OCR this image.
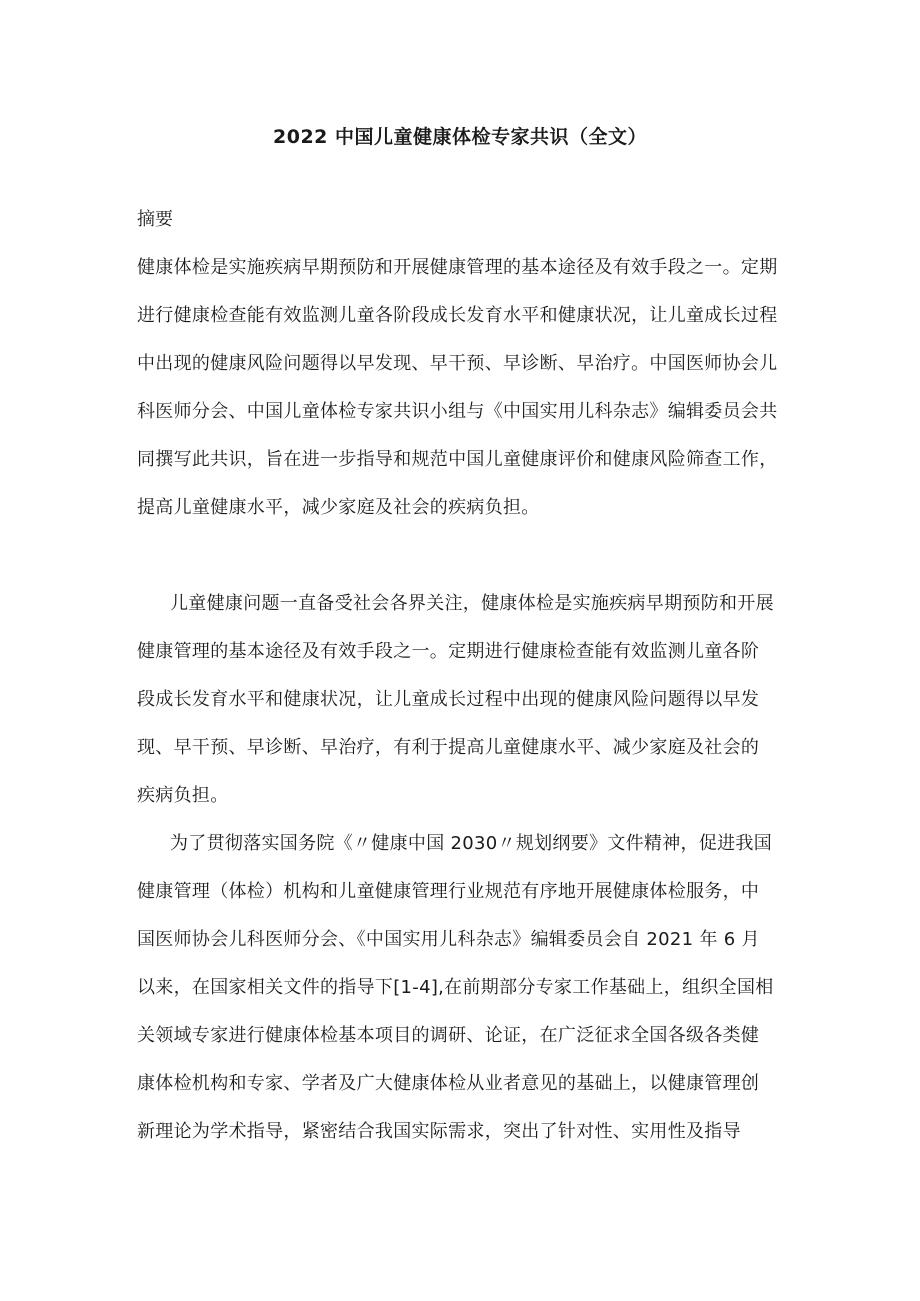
2022 中国儿童健康体检专家共识（全文）
摘要
健康体检是实施疾病早期预防和开展健康管理的基本途径及有效手段之一。定期
进行健康检查能有效监测儿童各阶段成长发育水平和健康状况，让儿童成长过程
中出现的健康风险问题得以早发现、早干预、早诊断、早治疗。中国医师协会儿
科医师分会、中国儿童体检专家共识小组与《中国实用儿科杂志》编辑委员会共
同撰写此共识，旨在进一步指导和规范中国儿童健康评价和健康风险筛查工作，
提高儿童健康水平，减少家庭及社会的疾病负担。
儿童健康问题一直备受社会各界关注，健康体检是实施疾病早期预防和开展
健康管理的基本途径及有效手段之一。定期进行健康检查能有效监测儿童各阶
段成长发育水平和健康状况，让儿童成长过程中出现的健康风险问题得以早发
现、早干预、早诊断、早治疗，有利于提高儿童健康水平、减少家庭及社会的
疾病负担。
为了贯彻落实国务院《〃健康中国 2030〃规划纲要》文件精神，促进我国
健康管理（体检）机构和儿童健康管理行业规范有序地开展健康体检服务，中
国医师协会儿科医师分会、《中国实用儿科杂志》编辑委员会自 2021 年 6 月
以来，在国家相关文件的指导下[1-4],在前期部分专家工作基础上，组织全国相
关领域专家进行健康体检基本项目的调研、论证，在广泛征求全国各级各类健
康体检机构和专家、学者及广大健康体检从业者意见的基础上，以健康管理创
新理论为学术指导，紧密结合我国实际需求，突出了针对性、实用性及指导
